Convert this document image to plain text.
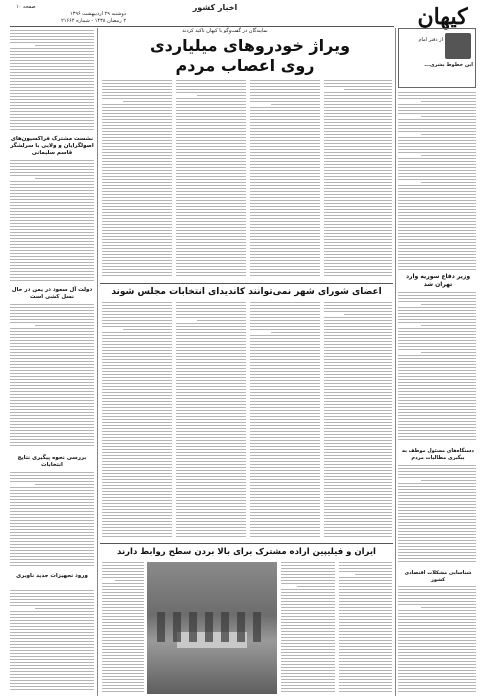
صفحه ۱۰
دوشنبه ۲۹ اردیبهشت ۱۳۹۶
۲ رمضان ۱۴۳۸ - شماره ۲۱۶۶۴
اخبار کشور	کیهان
نمایندگان در گفت‌وگو با کیهان تاکید کردند
ویراژ خودروهای میلیاردی
روی اعصاب مردم
از دفتر امام
این خطوط بشری...
وزیر دفاع سوریه وارد تهران شد
دستگاه‌های مسئول موظف به پیگیری مطالبات مردم
شناسایی مشکلات اقتصادی کشور
نشست مشترک فراکسیون‌های اصولگرایان و ولایی با سرلشگر قاسم سلیمانی
دولت آل سعود در یمن در حال نسل کشی است
بررسی نحوه پیگیری نتایج انتخابات
ورود تجهیزات جدید ناوبری
اعضای شورای شهر نمی‌توانند کاندیدای انتخابات مجلس شوند
ایران و فیلیپین اراده مشترک برای بالا بردن سطح روابط دارند
